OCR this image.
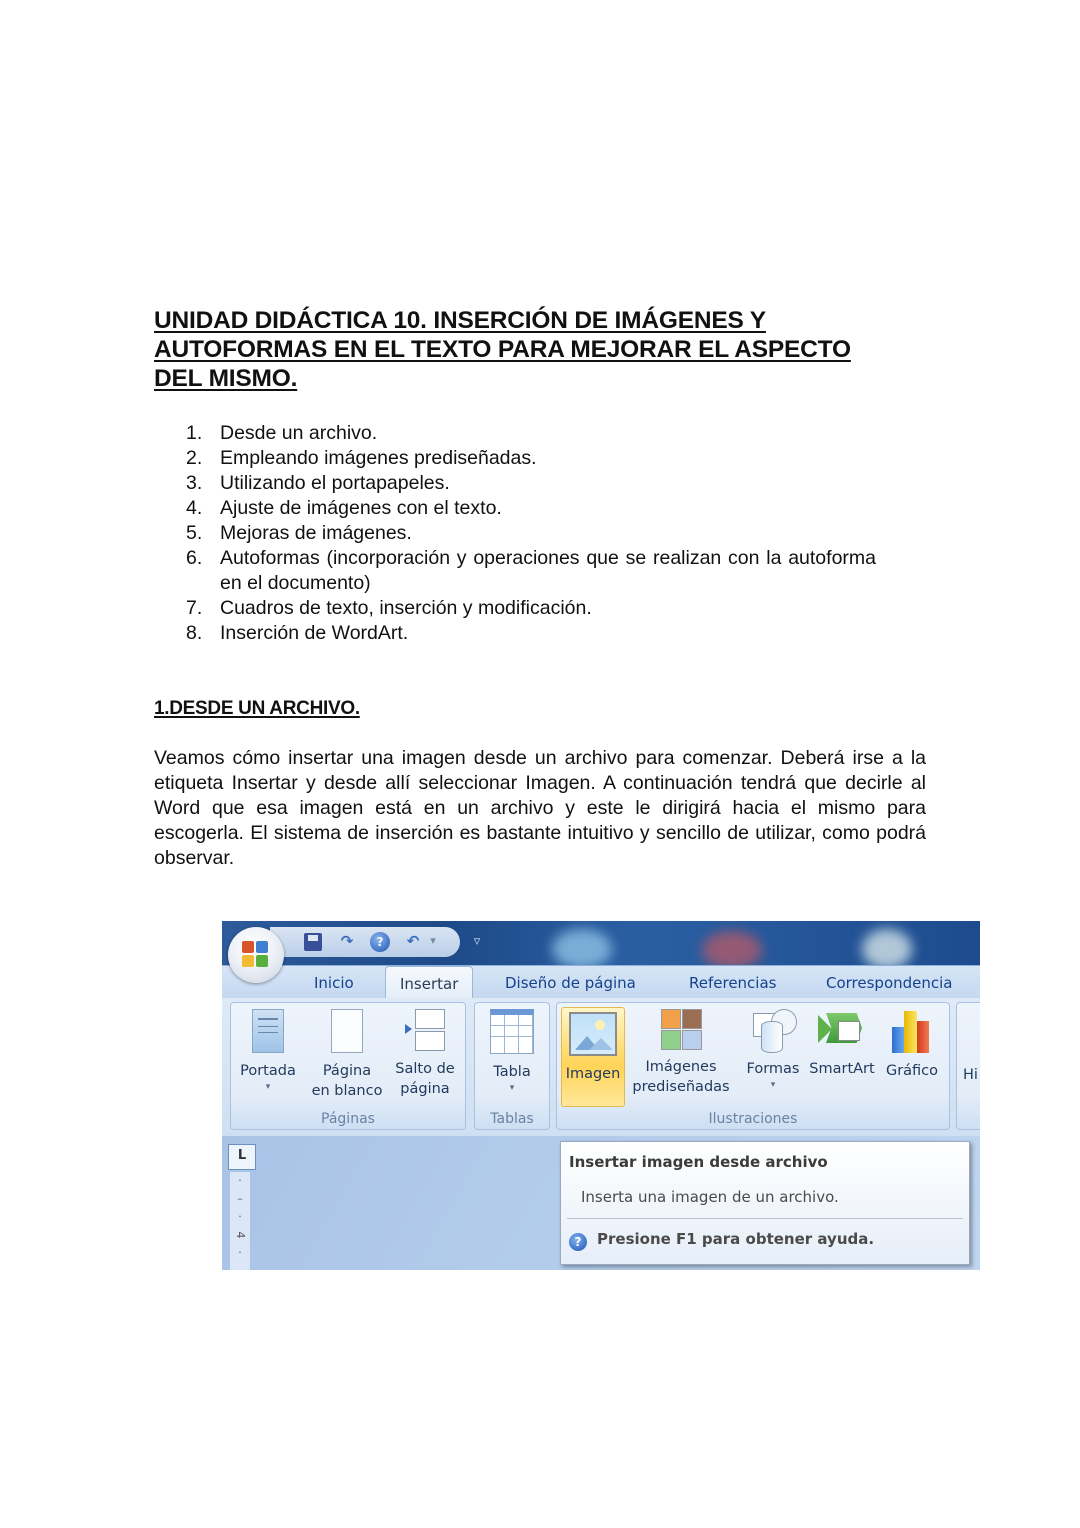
UNIDAD DIDÁCTICA 10. INSERCIÓN DE IMÁGENES Y
AUTOFORMAS EN EL TEXTO PARA MEJORAR EL ASPECTO
DEL MISMO.
1. Desde un archivo.
2. Empleando imágenes prediseñadas.
3. Utilizando el portapapeles.
4. Ajuste de imágenes con el texto.
5. Mejoras de imágenes.
6. Autoformas (incorporación y operaciones que se realizan con la autoforma en el documento)
7. Cuadros de texto, inserción y modificación.
8. Inserción de WordArt.
1.DESDE UN ARCHIVO.
Veamos cómo insertar una imagen desde un archivo para comenzar. Deberá irse a la etiqueta Insertar y desde allí seleccionar Imagen. A continuación tendrá que decirle al Word que esa imagen está en un archivo y este le dirigirá hacia el mismo para escogerla. El sistema de inserción es bastante intuitivo y sencillo de utilizar, como podrá observar.
↷	?	↶ ▾	▿
Inicio	Insertar	Diseño de página	Referencias	Correspondencia
Portada
▾
Página
en blanco
Salto de
página
Páginas
Tabla
▾
Tablas
Imagen	Imágenes
prediseñadas
Formas
▾
SmartArt Gráfico
Ilustraciones
Hi
L
·
–
·
4
·
Insertar imagen desde archivo
Inserta una imagen de un archivo.
? Presione F1 para obtener ayuda.
